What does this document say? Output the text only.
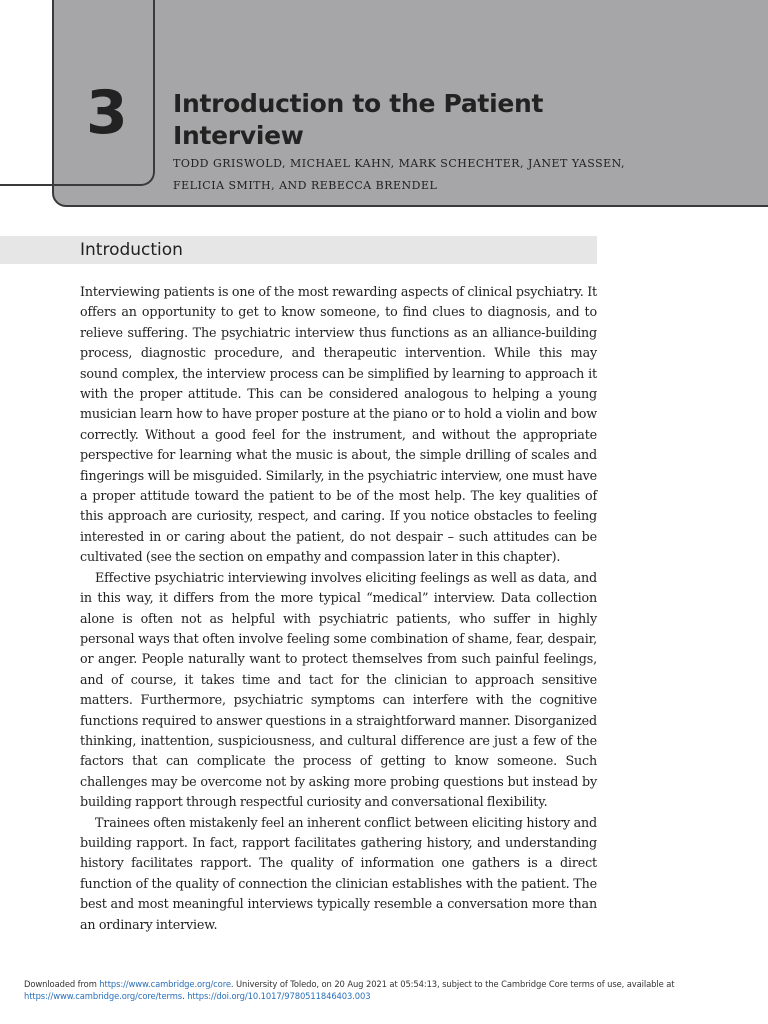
3 Introduction to the Patient
Interview
TODD GRISWOLD, MICHAEL KAHN, MARK SCHECHTER, JANET YASSEN,
FELICIA SMITH, AND REBECCA BRENDEL
Introduction

Interviewing patients is one of the most rewarding aspects of clinical psychiatry. It offers an opportunity to get to know someone, to find clues to diagnosis, and to relieve suffering. The psychiatric interview thus functions as an alliance-building process, diagnostic procedure, and therapeutic intervention. While this may sound complex, the interview process can be simplified by learning to approach it with the proper attitude. This can be considered analogous to helping a young musician learn how to have proper posture at the piano or to hold a violin and bow correctly. Without a good feel for the instrument, and without the appropriate perspective for learning what the music is about, the simple drilling of scales and fingerings will be misguided. Similarly, in the psychiatric interview, one must have a proper attitude toward the patient to be of the most help. The key qualities of this approach are curiosity, respect, and caring. If you notice obstacles to feeling interested in or caring about the patient, do not despair – such attitudes can be cultivated (see the section on empathy and compassion later in this chapter).

Effective psychiatric interviewing involves eliciting feelings as well as data, and in this way, it differs from the more typical “medical” interview. Data collection alone is often not as helpful with psychiatric patients, who suffer in highly personal ways that often involve feeling some combination of shame, fear, despair, or anger. People naturally want to protect themselves from such painful feelings, and of course, it takes time and tact for the clinician to approach sensitive matters. Furthermore, psychiatric symptoms can interfere with the cognitive functions required to answer questions in a straightforward manner. Disorganized thinking, inattention, suspiciousness, and cultural difference are just a few of the factors that can complicate the process of getting to know someone. Such challenges may be overcome not by asking more probing questions but instead by building rapport through respectful curiosity and conversational flexibility.

Trainees often mistakenly feel an inherent conflict between eliciting history and building rapport. In fact, rapport facilitates gathering history, and understanding history facilitates rapport. The quality of information one gathers is a direct function of the quality of connection the clinician establishes with the patient. The best and most meaningful interviews typically resemble a conversation more than an ordinary interview.

Downloaded from https://www.cambridge.org/core. University of Toledo, on 20 Aug 2021 at 05:54:13, subject to the Cambridge Core terms of use, available at
https://www.cambridge.org/core/terms. https://doi.org/10.1017/9780511846403.003
